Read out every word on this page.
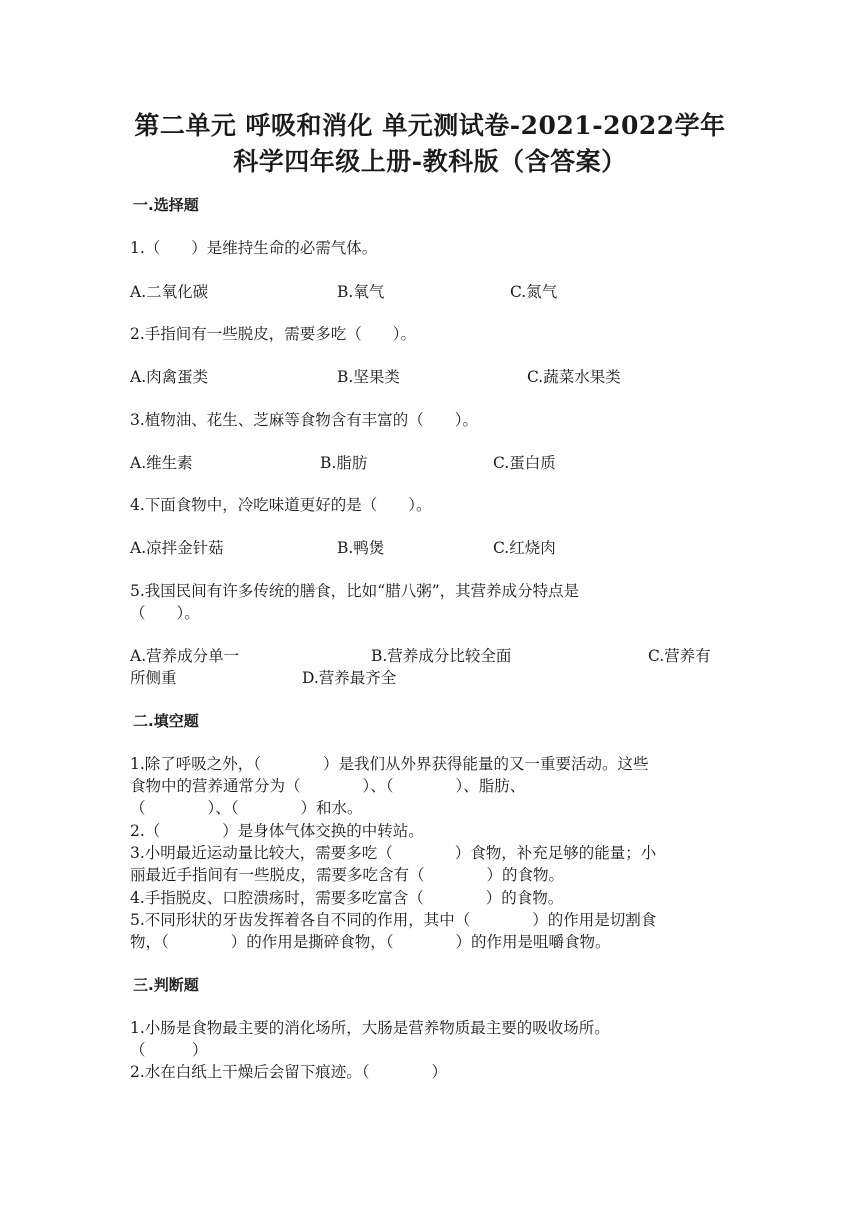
第二单元 呼吸和消化 单元测试卷-2021-2022学年
科学四年级上册-教科版（含答案）
一.选择题
1.（　　）是维持生命的必需气体。
A.二氧化碳	B.氧气	C.氮气
2.手指间有一些脱皮，需要多吃（　　）。
A.肉禽蛋类	B.坚果类	C.蔬菜水果类
3.植物油、花生、芝麻等食物含有丰富的（　　）。
A.维生素	B.脂肪	C.蛋白质
4.下面食物中，冷吃味道更好的是（　　）。
A.凉拌金针菇	B.鸭煲	C.红烧肉
5.我国民间有许多传统的膳食，比如“腊八粥”，其营养成分特点是
（　　）。
A.营养成分单一	B.营养成分比较全面	C.营养有
所侧重	D.营养最齐全
二.填空题
1.除了呼吸之外，（　　　　）是我们从外界获得能量的又一重要活动。这些
食物中的营养通常分为（　　　　）、（　　　　）、脂肪、
（　　　　）、（　　　　）和水。
2.（　　　　）是身体气体交换的中转站。
3.小明最近运动量比较大，需要多吃（　　　　）食物，补充足够的能量；小
丽最近手指间有一些脱皮，需要多吃含有（　　　　）的食物。
4.手指脱皮、口腔溃疡时，需要多吃富含（　　　　）的食物。
5.不同形状的牙齿发挥着各自不同的作用，其中（　　　　）的作用是切割食
物，（　　　　）的作用是撕碎食物，（　　　　）的作用是咀嚼食物。
三.判断题
1.小肠是食物最主要的消化场所，大肠是营养物质最主要的吸收场所。
（　　　）
2.水在白纸上干燥后会留下痕迹。（　　　　）
